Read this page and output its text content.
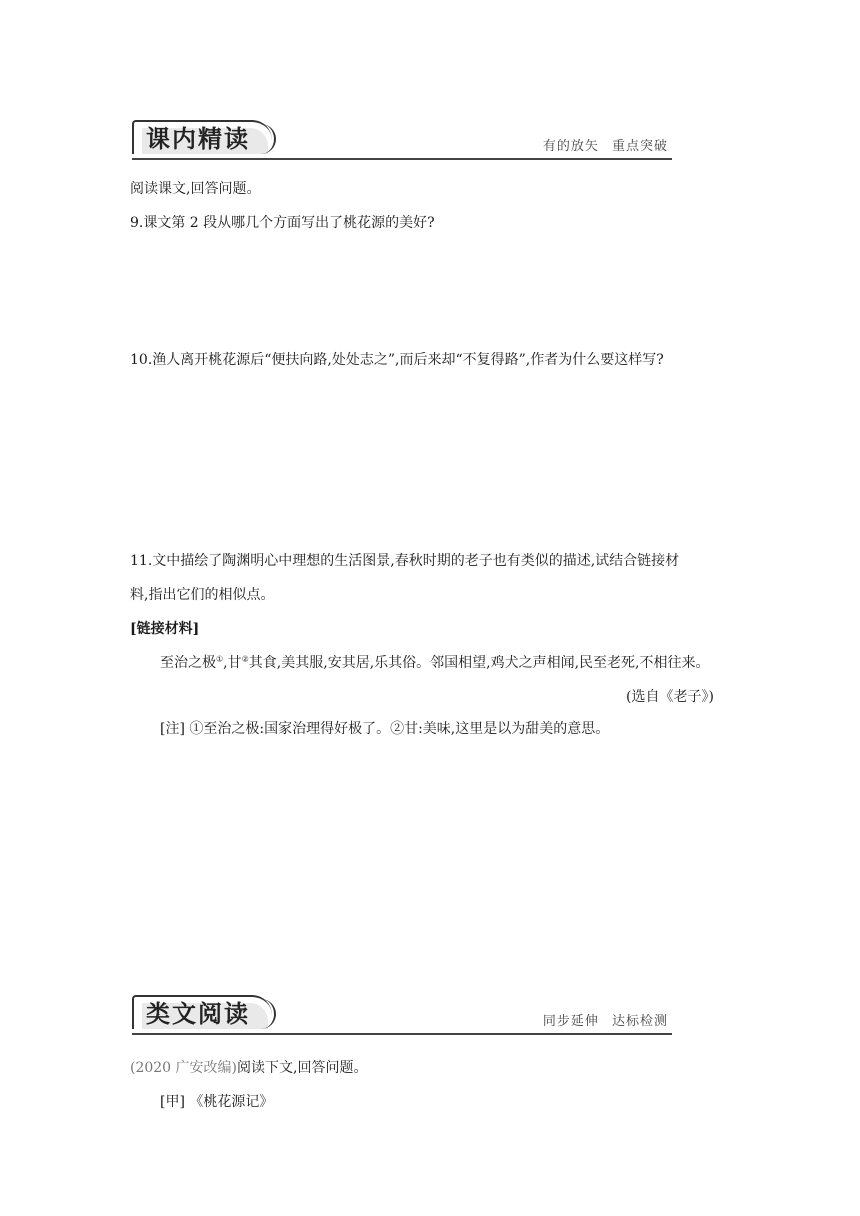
课内精读	有的放矢 重点突破
阅读课文,回答问题。
9.课文第 2 段从哪几个方面写出了桃花源的美好?
10.渔人离开桃花源后“便扶向路,处处志之”,而后来却“不复得路”,作者为什么要这样写?
11.文中描绘了陶渊明心中理想的生活图景,春秋时期的老子也有类似的描述,试结合链接材
料,指出它们的相似点。
[链接材料]
至治之极①,甘②其食,美其服,安其居,乐其俗。邻国相望,鸡犬之声相闻,民至老死,不相往来。
(选自《老子》)
[注] ①至治之极:国家治理得好极了。②甘:美味,这里是以为甜美的意思。
类文阅读	同步延伸 达标检测
(2020 广安改编)阅读下文,回答问题。
[甲] 《桃花源记》
